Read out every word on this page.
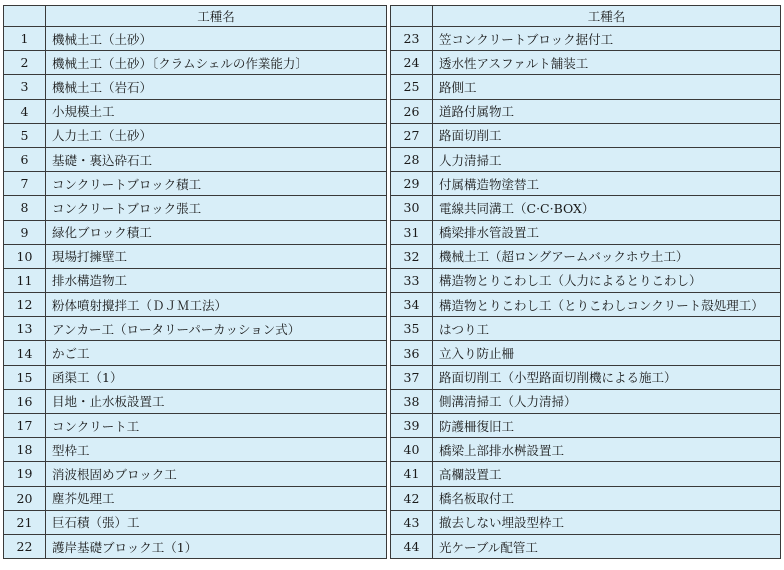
	工種名
1	機械土工（土砂）
2	機械土工（土砂）〔クラムシェルの作業能力〕
3	機械土工（岩石）
4	小規模土工
5	人力土工（土砂）
6	基礎・裏込砕石工
7	コンクリートブロック積工
8	コンクリートブロック張工
9	緑化ブロック積工
10	現場打擁壁工
11	排水構造物工
12	粉体噴射攪拌工（ＤＪＭ工法）
13	アンカー工（ロータリーパーカッション式）
14	かご工
15	函渠工（1）
16	目地・止水板設置工
17	コンクリート工
18	型枠工
19	消波根固めブロック工
20	塵芥処理工
21	巨石積（張）工
22	護岸基礎ブロック工（1）
	工種名
23	笠コンクリートブロック据付工
24	透水性アスファルト舗装工
25	路側工
26	道路付属物工
27	路面切削工
28	人力清掃工
29	付属構造物塗替工
30	電線共同溝工（C·C·BOX）
31	橋梁排水管設置工
32	機械土工（超ロングアームバックホウ土工）
33	構造物とりこわし工（人力によるとりこわし）
34	構造物とりこわし工（とりこわしコンクリート殻処理工）
35	はつり工
36	立入り防止柵
37	路面切削工（小型路面切削機による施工）
38	側溝清掃工（人力清掃）
39	防護柵復旧工
40	橋梁上部排水桝設置工
41	高欄設置工
42	橋名板取付工
43	撤去しない埋設型枠工
44	光ケーブル配管工
